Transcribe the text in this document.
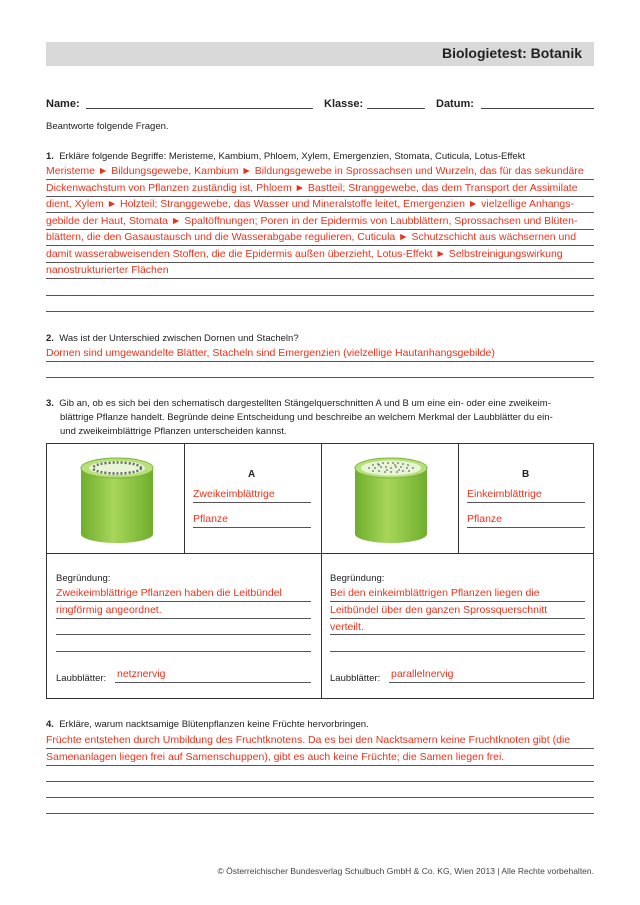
Biologietest: Botanik
Name:	Klasse:	Datum:
Beantworte folgende Fragen.
1. Erkläre folgende Begriffe: Meristeme, Kambium, Phloem, Xylem, Emergenzien, Stomata, Cuticula, Lotus-Effekt
Meristeme ► Bildungsgewebe, Kambium ► Bildungsgewebe in Sprossachsen und Wurzeln, das für das sekundäre
Dickenwachstum von Pflanzen zuständig ist, Phloem ► Bastteil; Stranggewebe, das dem Transport der Assimilate
dient, Xylem ► Holzteil; Stranggewebe, das Wasser und Mineralstoffe leitet, Emergenzien ► vielzellige Anhangs-
gebilde der Haut, Stomata ► Spaltöffnungen; Poren in der Epidermis von Laubblättern, Sprossachsen und Blüten-
blättern, die den Gasaustausch und die Wasserabgabe regulieren, Cuticula ► Schutzschicht aus wächsernen und
damit wasserabweisenden Stoffen, die die Epidermis außen überzieht, Lotus-Effekt ► Selbstreinigungswirkung
nanostrukturierter Flächen
2. Was ist der Unterschied zwischen Dornen und Stacheln?
Dornen sind umgewandelte Blätter, Stacheln sind Emergenzien (vielzellige Hautanhangsgebilde)
3. Gib an, ob es sich bei den schematisch dargestellten Stängelquerschnitten A und B um eine ein- oder eine zweikeim-
blättrige Pflanze handelt. Begründe deine Entscheidung und beschreibe an welchem Merkmal der Laubblätter du ein-
und zweikeimblättrige Pflanzen unterscheiden kannst.
A
Zweikeimblättrige
Pflanze
B
Einkeimblättrige
Pflanze
Begründung:
Zweikeimblättrige Pflanzen haben die Leitbündel
ringförmig angeordnet.
Laubblätter: netznervig
Begründung:
Bei den einkeimblättrigen Pflanzen liegen die
Leitbündel über den ganzen Sprossquerschnitt
verteilt.
Laubblätter: parallelnervig
4. Erkläre, warum nacktsamige Blütenpflanzen keine Früchte hervorbringen.
Früchte entstehen durch Umbildung des Fruchtknotens. Da es bei den Nacktsamern keine Fruchtknoten gibt (die
Samenanlagen liegen frei auf Samenschuppen), gibt es auch keine Früchte; die Samen liegen frei.
© Österreichischer Bundesverlag Schulbuch GmbH & Co. KG, Wien 2013 | Alle Rechte vorbehalten.
